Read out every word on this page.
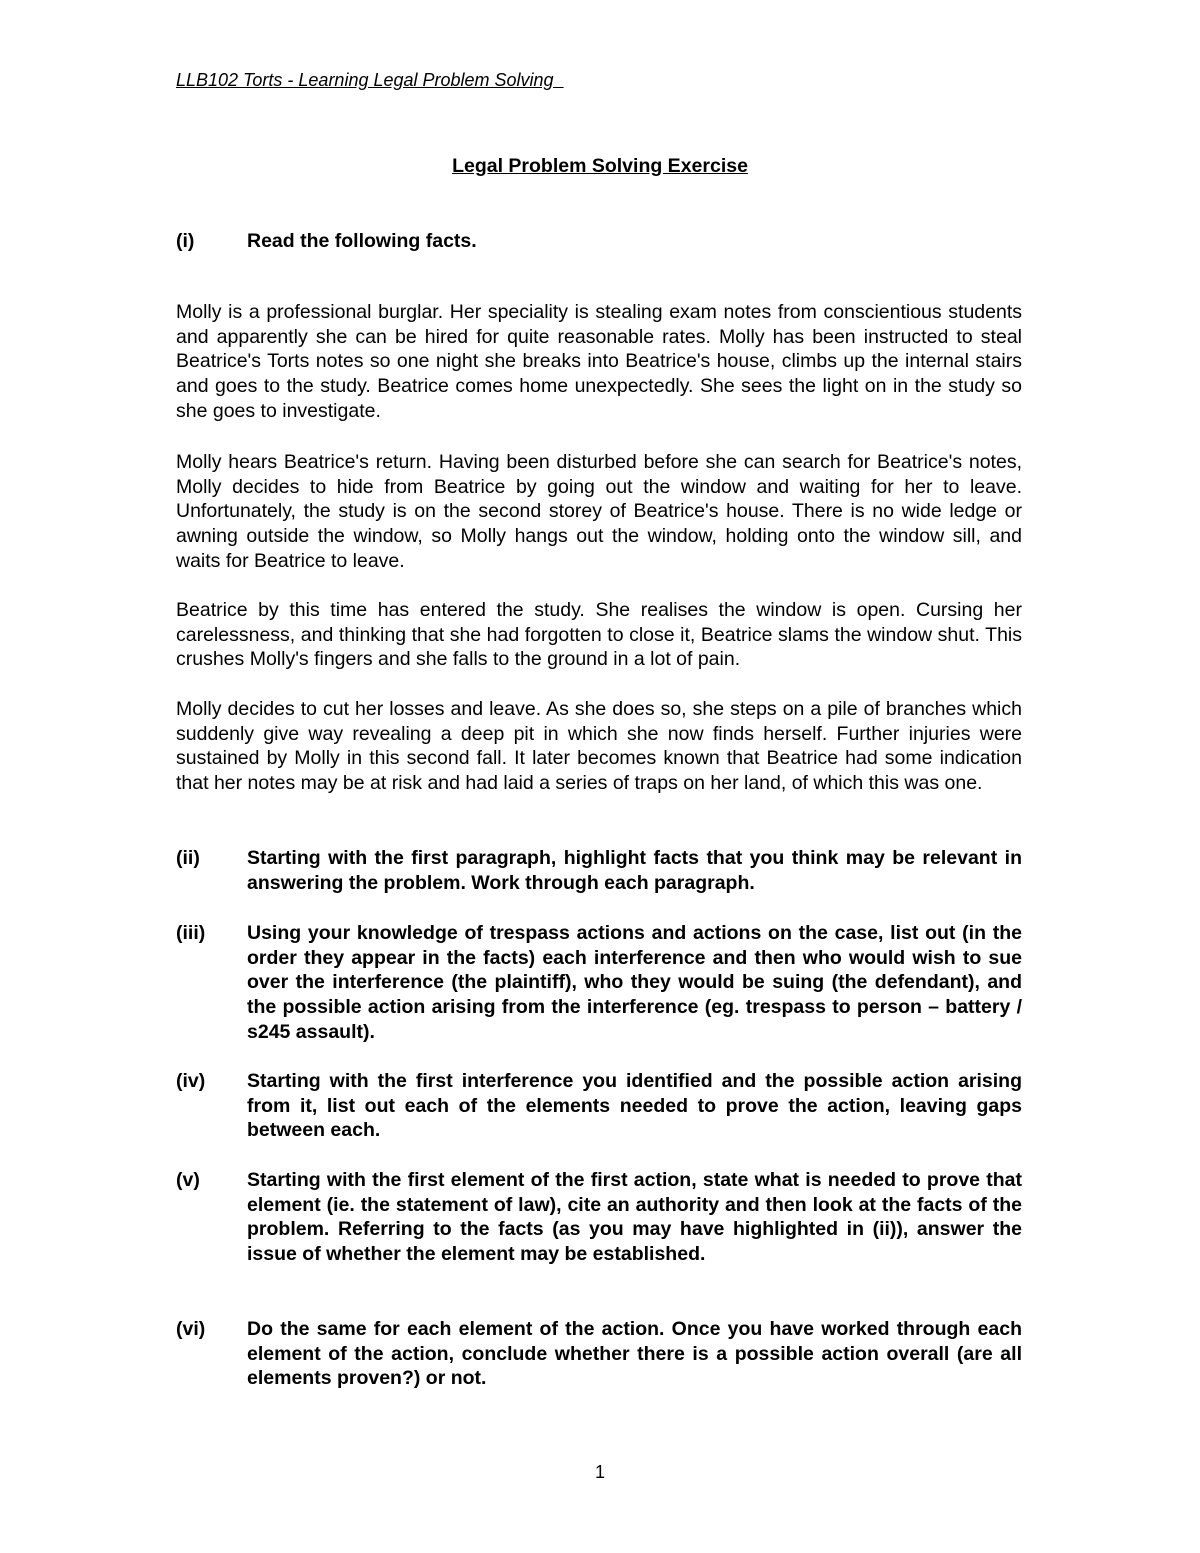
LLB102 Torts - Learning Legal Problem Solving
Legal Problem Solving Exercise
(i)	Read the following facts.

Molly is a professional burglar. Her speciality is stealing exam notes from conscientious students and apparently she can be hired for quite reasonable rates. Molly has been instructed to steal Beatrice's Torts notes so one night she breaks into Beatrice's house, climbs up the internal stairs and goes to the study. Beatrice comes home unexpectedly. She sees the light on in the study so she goes to investigate.

Molly hears Beatrice's return. Having been disturbed before she can search for Beatrice's notes, Molly decides to hide from Beatrice by going out the window and waiting for her to leave. Unfortunately, the study is on the second storey of Beatrice's house. There is no wide ledge or awning outside the window, so Molly hangs out the window, holding onto the window sill, and waits for Beatrice to leave.

Beatrice by this time has entered the study. She realises the window is open. Cursing her carelessness, and thinking that she had forgotten to close it, Beatrice slams the window shut. This crushes Molly's fingers and she falls to the ground in a lot of pain.

Molly decides to cut her losses and leave. As she does so, she steps on a pile of branches which suddenly give way revealing a deep pit in which she now finds herself. Further injuries were sustained by Molly in this second fall. It later becomes known that Beatrice had some indication that her notes may be at risk and had laid a series of traps on her land, of which this was one.

(ii)	Starting with the first paragraph, highlight facts that you think may be relevant in answering the problem. Work through each paragraph.
(iii)	Using your knowledge of trespass actions and actions on the case, list out (in the order they appear in the facts) each interference and then who would wish to sue over the interference (the plaintiff), who they would be suing (the defendant), and the possible action arising from the interference (eg. trespass to person – battery / s245 assault).
(iv)	Starting with the first interference you identified and the possible action arising from it, list out each of the elements needed to prove the action, leaving gaps between each.
(v)	Starting with the first element of the first action, state what is needed to prove that element (ie. the statement of law), cite an authority and then look at the facts of the problem. Referring to the facts (as you may have highlighted in (ii)), answer the issue of whether the element may be established.
(vi)	Do the same for each element of the action. Once you have worked through each element of the action, conclude whether there is a possible action overall (are all elements proven?) or not.
1
